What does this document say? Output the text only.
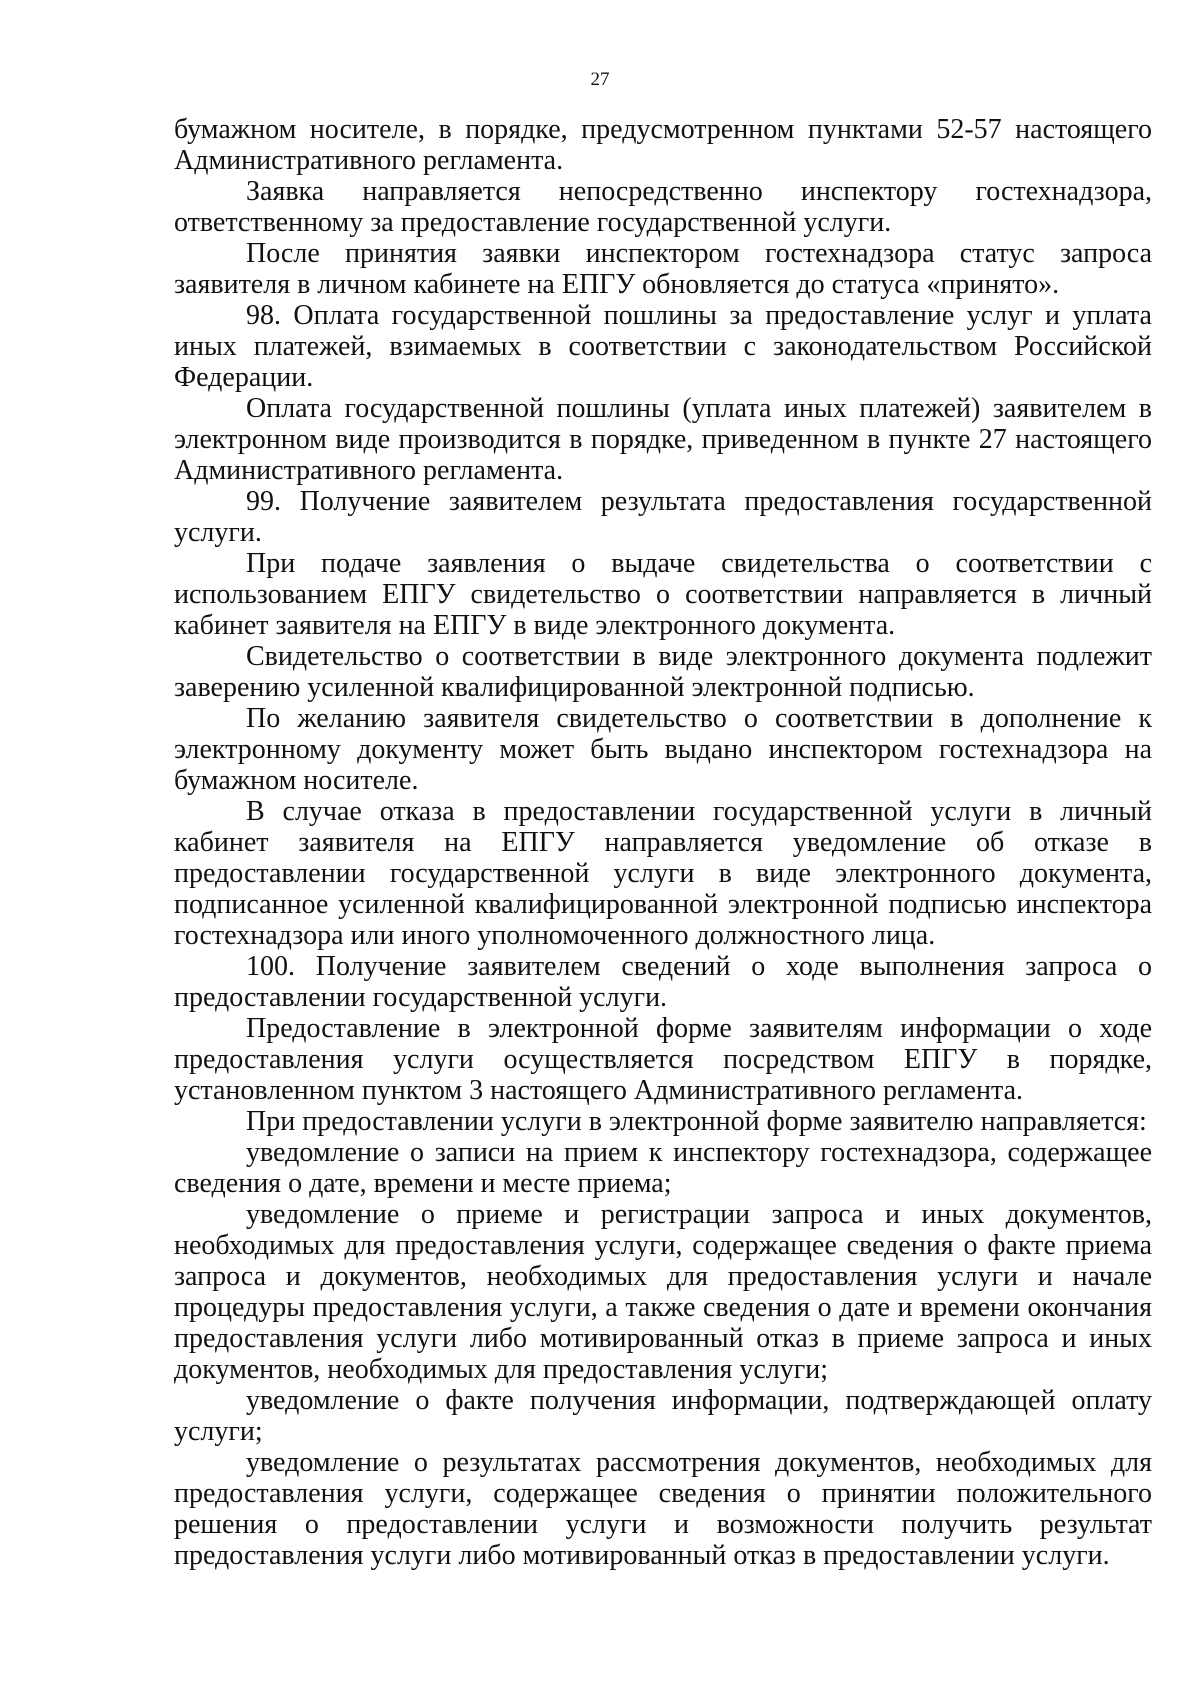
27

бумажном носителе, в порядке, предусмотренном пунктами 52-57 настоящего Административного регламента.

Заявка направляется непосредственно инспектору гостехнадзора, ответственному за предоставление государственной услуги.

После принятия заявки инспектором гостехнадзора статус запроса заявителя в личном кабинете на ЕПГУ обновляется до статуса «принято».

98. Оплата государственной пошлины за предоставление услуг и уплата иных платежей, взимаемых в соответствии с законодательством Российской Федерации.

Оплата государственной пошлины (уплата иных платежей) заявителем в электронном виде производится в порядке, приведенном в пункте 27 настоящего Административного регламента.

99. Получение заявителем результата предоставления государственной услуги.

При подаче заявления о выдаче свидетельства о соответствии с использованием ЕПГУ свидетельство о соответствии направляется в личный кабинет заявителя на ЕПГУ в виде электронного документа.

Свидетельство о соответствии в виде электронного документа подлежит заверению усиленной квалифицированной электронной подписью.

По желанию заявителя свидетельство о соответствии в дополнение к электронному документу может быть выдано инспектором гостехнадзора на бумажном носителе.

В случае отказа в предоставлении государственной услуги в личный кабинет заявителя на ЕПГУ направляется уведомление об отказе в предоставлении государственной услуги в виде электронного документа, подписанное усиленной квалифицированной электронной подписью инспектора гостехнадзора или иного уполномоченного должностного лица.

100. Получение заявителем сведений о ходе выполнения запроса о предоставлении государственной услуги.

Предоставление в электронной форме заявителям информации о ходе предоставления услуги осуществляется посредством ЕПГУ в порядке, установленном пунктом 3 настоящего Административного регламента.

При предоставлении услуги в электронной форме заявителю направляется:

уведомление о записи на прием к инспектору гостехнадзора, содержащее сведения о дате, времени и месте приема;

уведомление о приеме и регистрации запроса и иных документов, необходимых для предоставления услуги, содержащее сведения о факте приема запроса и документов, необходимых для предоставления услуги и начале процедуры предоставления услуги, а также сведения о дате и времени окончания предоставления услуги либо мотивированный отказ в приеме запроса и иных документов, необходимых для предоставления услуги;

уведомление о факте получения информации, подтверждающей оплату услуги;

уведомление о результатах рассмотрения документов, необходимых для предоставления услуги, содержащее сведения о принятии положительного решения о предоставлении услуги и возможности получить результат предоставления услуги либо мотивированный отказ в предоставлении услуги.
